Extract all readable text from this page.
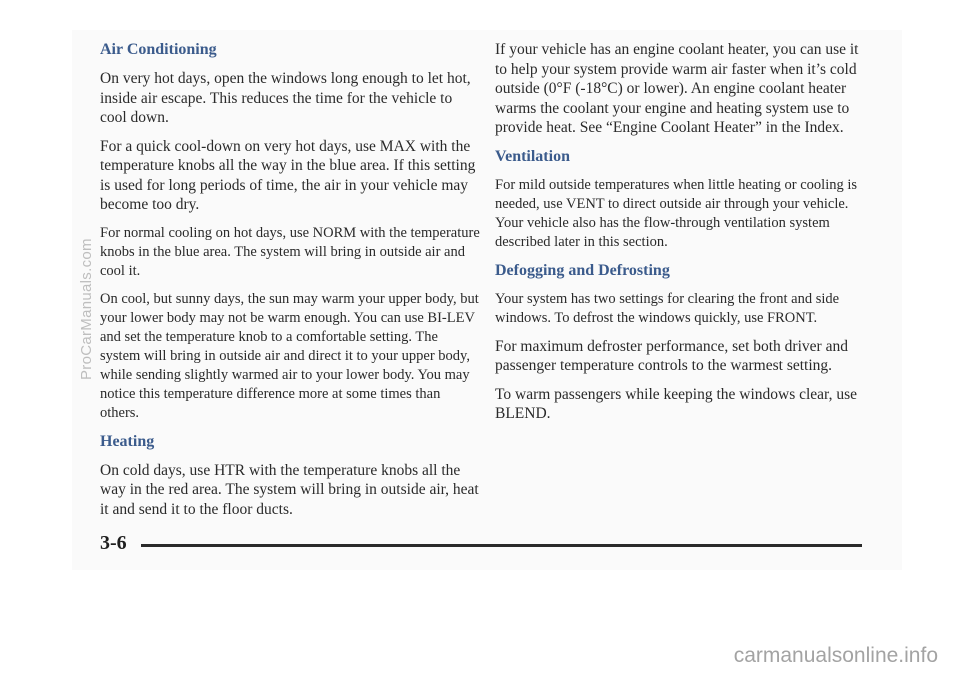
Air Conditioning

On very hot days, open the windows long enough to let hot, inside air escape. This reduces the time for the vehicle to cool down.

For a quick cool-down on very hot days, use MAX with the temperature knobs all the way in the blue area. If this setting is used for long periods of time, the air in your vehicle may become too dry.

For normal cooling on hot days, use NORM with the temperature knobs in the blue area. The system will bring in outside air and cool it.

On cool, but sunny days, the sun may warm your upper body, but your lower body may not be warm enough. You can use BI-LEV and set the temperature knob to a comfortable setting. The system will bring in outside air and direct it to your upper body, while sending slightly warmed air to your lower body. You may notice this temperature difference more at some times than others.

Heating

On cold days, use HTR with the temperature knobs all the way in the red area. The system will bring in outside air, heat it and send it to the floor ducts.

If your vehicle has an engine coolant heater, you can use it to help your system provide warm air faster when it’s cold outside (0°F (-18°C) or lower). An engine coolant heater warms the coolant your engine and heating system use to provide heat. See “Engine Coolant Heater” in the Index.

Ventilation

For mild outside temperatures when little heating or cooling is needed, use VENT to direct outside air through your vehicle. Your vehicle also has the flow-through ventilation system described later in this section.

Defogging and Defrosting

Your system has two settings for clearing the front and side windows. To defrost the windows quickly, use FRONT.

For maximum defroster performance, set both driver and passenger temperature controls to the warmest setting.

To warm passengers while keeping the windows clear, use BLEND.

3-6
ProCarManuals.com
carmanualsonline.info
